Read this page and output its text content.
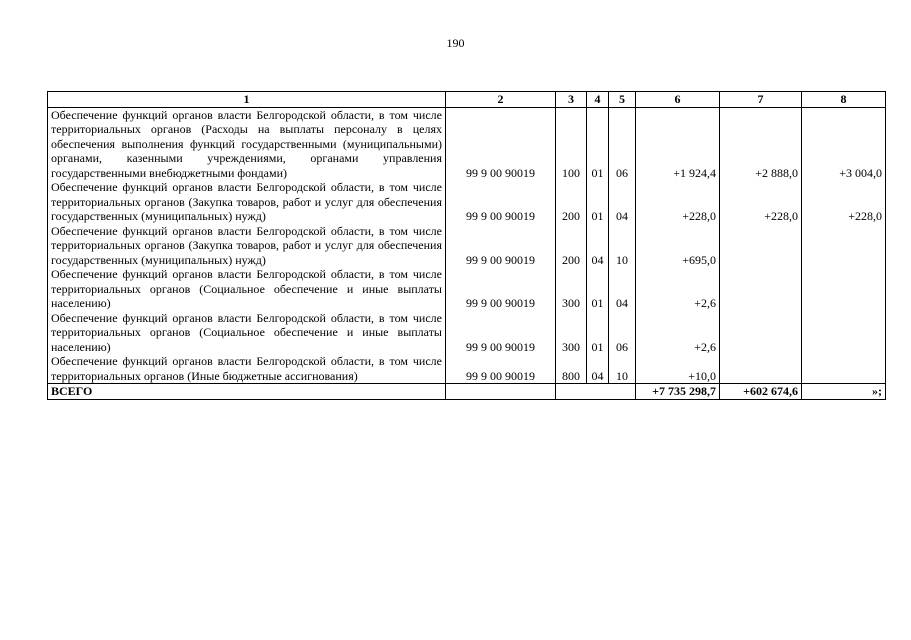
190
1	2	3	4	5	6	7	8
Обеспечение функций органов власти Белгородской области, в том числе территориальных органов (Расходы на выплаты персоналу в целях обеспечения выполнения функций государственными (муниципальными) органами, казенными учреждениями, органами управления государственными внебюджетными фондами)	99 9 00 90019	100	01	06	+1 924,4	+2 888,0	+3 004,0
Обеспечение функций органов власти Белгородской области, в том числе территориальных органов (Закупка товаров, работ и услуг для обеспечения государственных (муниципальных) нужд)	99 9 00 90019	200	01	04	+228,0	+228,0	+228,0
Обеспечение функций органов власти Белгородской области, в том числе территориальных органов (Закупка товаров, работ и услуг для обеспечения государственных (муниципальных) нужд)	99 9 00 90019	200	04	10	+695,0		
Обеспечение функций органов власти Белгородской области, в том числе территориальных органов (Социальное обеспечение и иные выплаты населению)	99 9 00 90019	300	01	04	+2,6		
Обеспечение функций органов власти Белгородской области, в том числе территориальных органов (Социальное обеспечение и иные выплаты населению)	99 9 00 90019	300	01	06	+2,6		
Обеспечение функций органов власти Белгородской области, в том числе территориальных органов (Иные бюджетные ассигнования)	99 9 00 90019	800	04	10	+10,0		
ВСЕГО					+7 735 298,7	+602 674,6	»;
